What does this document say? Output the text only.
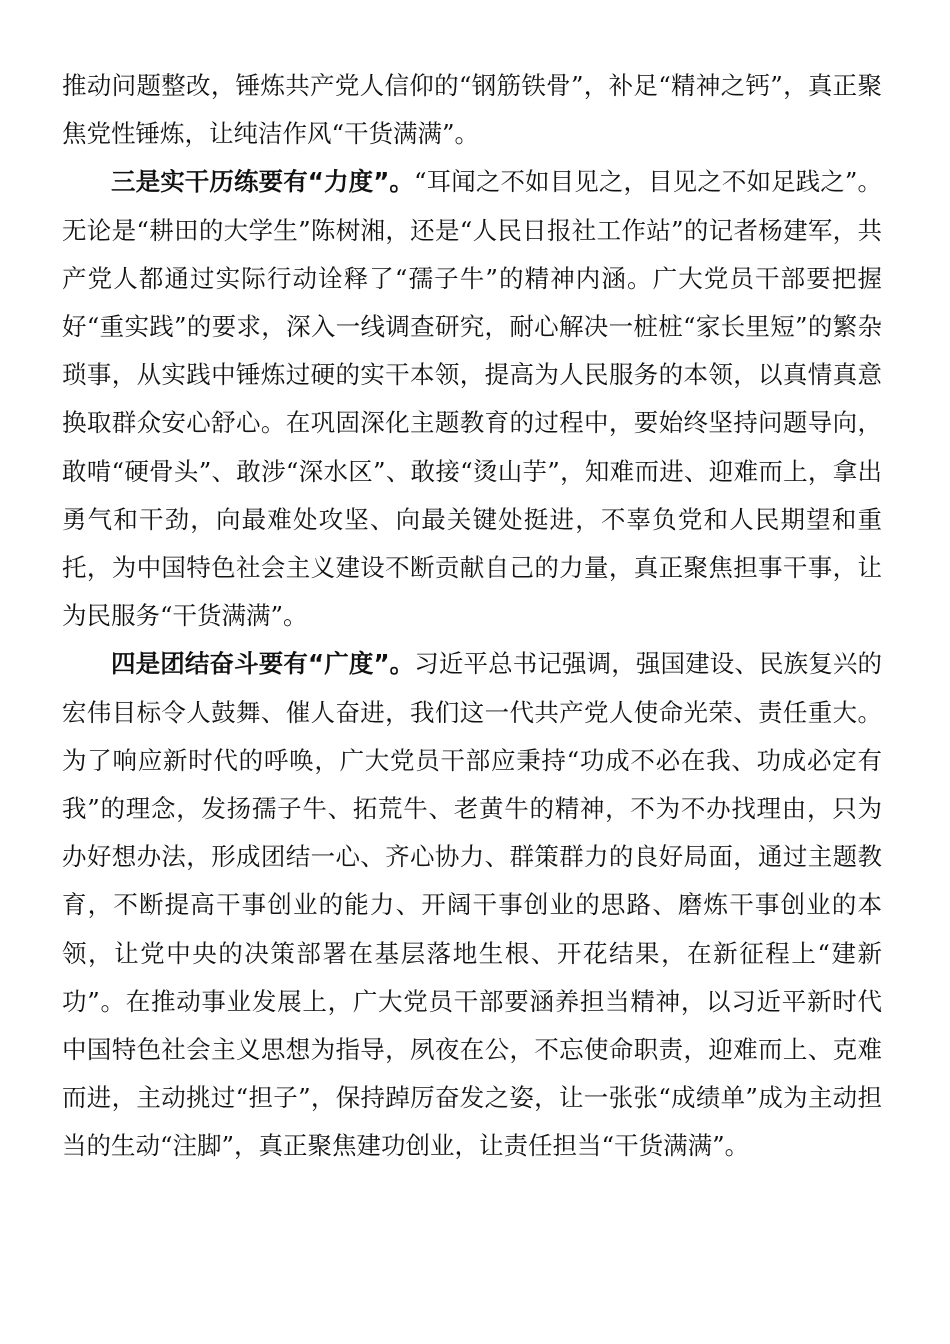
推动问题整改，锤炼共产党人信仰的“钢筋铁骨”，补足“精神之钙”，真正聚焦党性锤炼，让纯洁作风“干货满满”。

三是实干历练要有“力度”。“耳闻之不如目见之，目见之不如足践之”。无论是“耕田的大学生”陈树湘，还是“人民日报社工作站”的记者杨建军，共产党人都通过实际行动诠释了“孺子牛”的精神内涵。广大党员干部要把握好“重实践”的要求，深入一线调查研究，耐心解决一桩桩“家长里短”的繁杂琐事，从实践中锤炼过硬的实干本领，提高为人民服务的本领，以真情真意换取群众安心舒心。在巩固深化主题教育的过程中，要始终坚持问题导向，敢啃“硬骨头”、敢涉“深水区”、敢接“烫山芋”，知难而进、迎难而上，拿出勇气和干劲，向最难处攻坚、向最关键处挺进，不辜负党和人民期望和重托，为中国特色社会主义建设不断贡献自己的力量，真正聚焦担事干事，让为民服务“干货满满”。

四是团结奋斗要有“广度”。习近平总书记强调，强国建设、民族复兴的宏伟目标令人鼓舞、催人奋进，我们这一代共产党人使命光荣、责任重大。为了响应新时代的呼唤，广大党员干部应秉持“功成不必在我、功成必定有我”的理念，发扬孺子牛、拓荒牛、老黄牛的精神，不为不办找理由，只为办好想办法，形成团结一心、齐心协力、群策群力的良好局面，通过主题教育，不断提高干事创业的能力、开阔干事创业的思路、磨炼干事创业的本领，让党中央的决策部署在基层落地生根、开花结果，在新征程上“建新功”。在推动事业发展上，广大党员干部要涵养担当精神，以习近平新时代中国特色社会主义思想为指导，夙夜在公，不忘使命职责，迎难而上、克难而进，主动挑过“担子”，保持踔厉奋发之姿，让一张张“成绩单”成为主动担当的生动“注脚”，真正聚焦建功创业，让责任担当“干货满满”。
